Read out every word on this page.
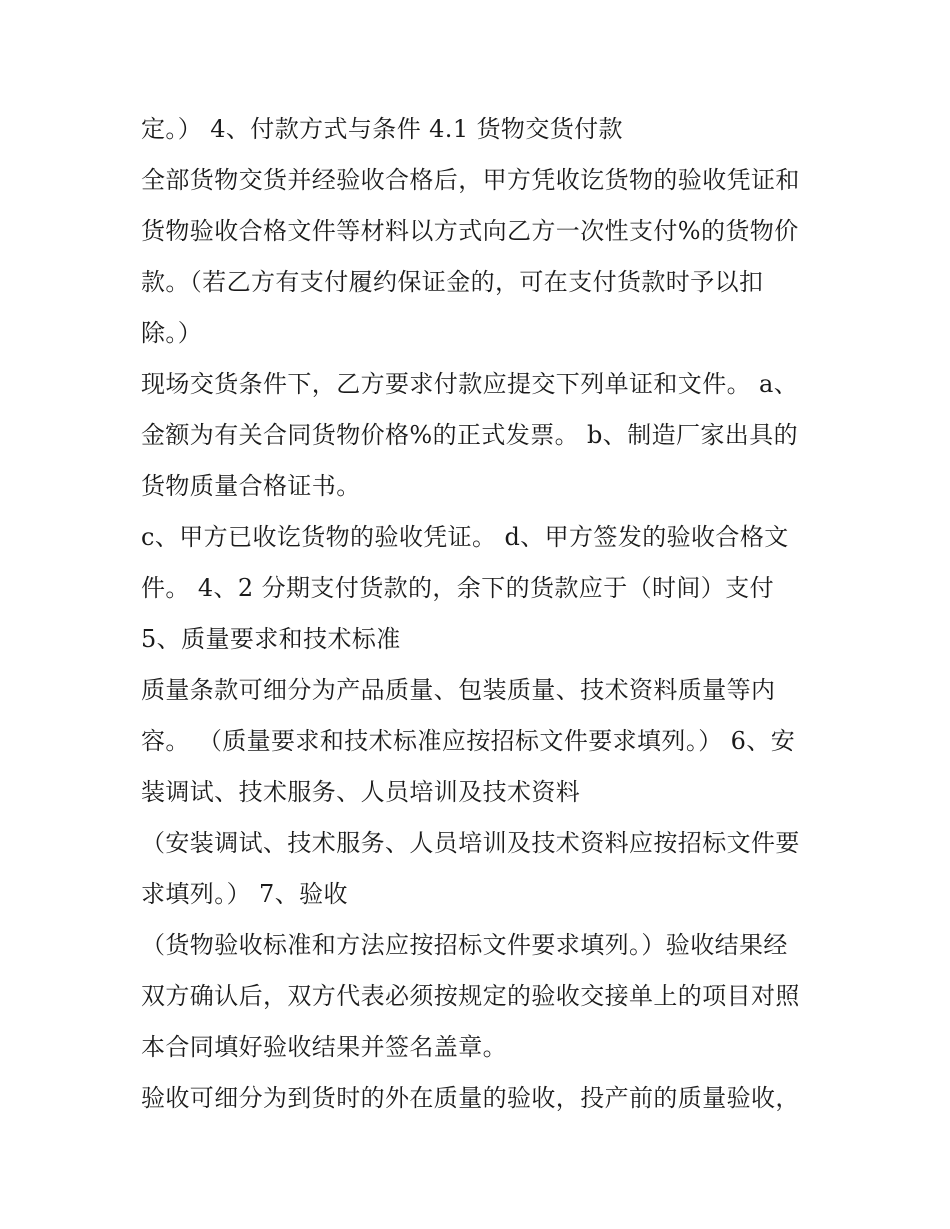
定。） 4、付款方式与条件 4.1 货物交货付款
全部货物交货并经验收合格后，甲方凭收讫货物的验收凭证和
货物验收合格文件等材料以方式向乙方一次性支付%的货物价
款。（若乙方有支付履约保证金的，可在支付货款时予以扣
除。）
现场交货条件下，乙方要求付款应提交下列单证和文件。 a、
金额为有关合同货物价格%的正式发票。 b、制造厂家出具的
货物质量合格证书。
c、甲方已收讫货物的验收凭证。 d、甲方签发的验收合格文
件。 4、2 分期支付货款的，余下的货款应于（时间）支付
5、质量要求和技术标准
质量条款可细分为产品质量、包装质量、技术资料质量等内
容。 （质量要求和技术标准应按招标文件要求填列。） 6、安
装调试、技术服务、人员培训及技术资料
（安装调试、技术服务、人员培训及技术资料应按招标文件要
求填列。） 7、验收
（货物验收标准和方法应按招标文件要求填列。）验收结果经
双方确认后，双方代表必须按规定的验收交接单上的项目对照
本合同填好验收结果并签名盖章。
验收可细分为到货时的外在质量的验收，投产前的质量验收，
